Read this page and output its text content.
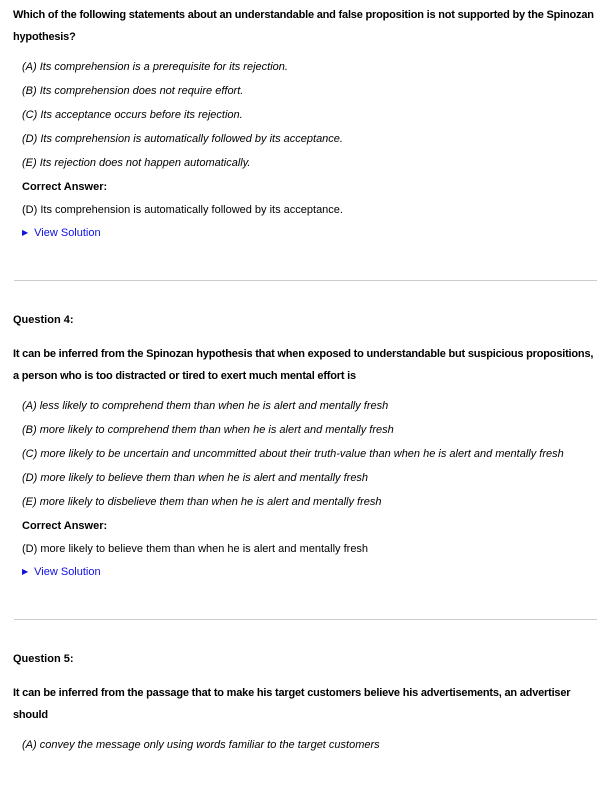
Which of the following statements about an understandable and false proposition is not supported by the Spinozan hypothesis?

(A) Its comprehension is a prerequisite for its rejection.

(B) Its comprehension does not require effort.

(C) Its acceptance occurs before its rejection.

(D) Its comprehension is automatically followed by its acceptance.

(E) Its rejection does not happen automatically.

Correct Answer:

(D) Its comprehension is automatically followed by its acceptance.

▶ View Solution

Question 4:

It can be inferred from the Spinozan hypothesis that when exposed to understandable but suspicious propositions, a person who is too distracted or tired to exert much mental effort is

(A) less likely to comprehend them than when he is alert and mentally fresh

(B) more likely to comprehend them than when he is alert and mentally fresh

(C) more likely to be uncertain and uncommitted about their truth-value than when he is alert and mentally fresh

(D) more likely to believe them than when he is alert and mentally fresh

(E) more likely to disbelieve them than when he is alert and mentally fresh

Correct Answer:

(D) more likely to believe them than when he is alert and mentally fresh

▶ View Solution

Question 5:

It can be inferred from the passage that to make his target customers believe his advertisements, an advertiser should

(A) convey the message only using words familiar to the target customers
